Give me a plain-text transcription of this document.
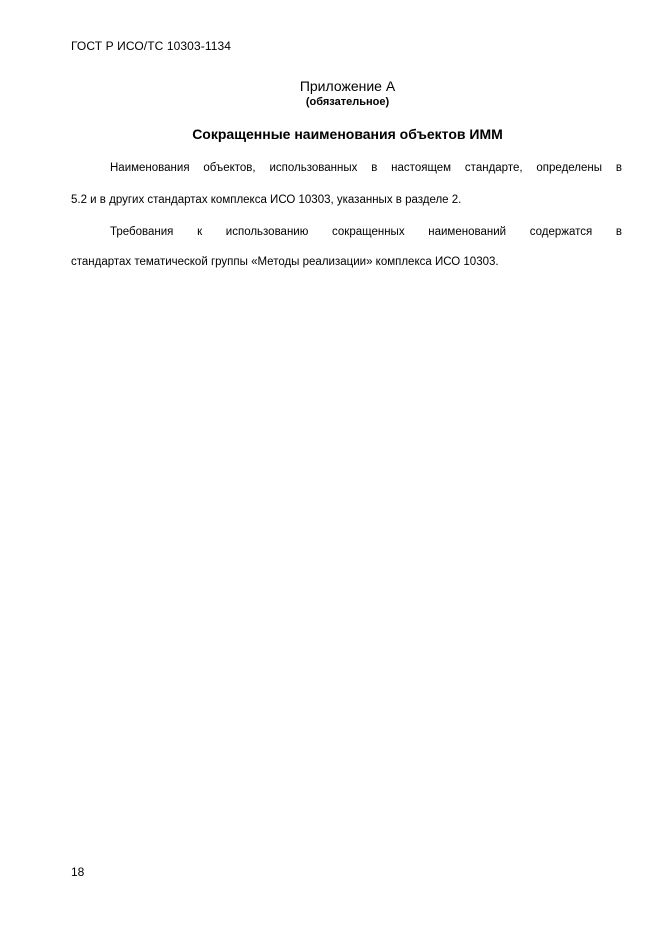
ГОСТ Р ИСО/ТС 10303-1134
Приложение А
(обязательное)
Сокращенные наименования объектов ИММ
Наименования объектов, использованных в настоящем стандарте, определены в
5.2 и в других стандартах комплекса ИСО 10303, указанных в разделе 2.
Требования к использованию сокращенных наименований содержатся в
стандартах тематической группы «Методы реализации» комплекса ИСО 10303.
18
